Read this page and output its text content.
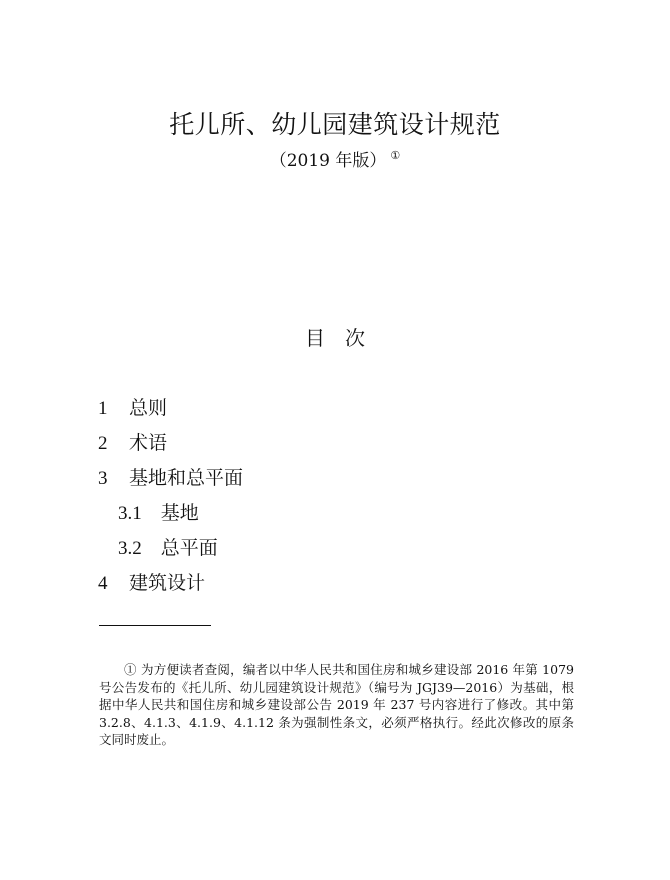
托儿所、幼儿园建筑设计规范
（2019 年版） ①
目次
1 总则
2 术语
3 基地和总平面
3.1 基地
3.2 总平面
4 建筑设计

① 为方便读者查阅，编者以中华人民共和国住房和城乡建设部 2016 年第 1079 号公告发布的《托儿所、幼儿园建筑设计规范》（编号为 JGJ39—2016）为基础，根据中华人民共和国住房和城乡建设部公告 2019 年 237 号内容进行了修改。其中第 3.2.8、4.1.3、4.1.9、4.1.12 条为强制性条文，必须严格执行。经此次修改的原条文同时废止。
